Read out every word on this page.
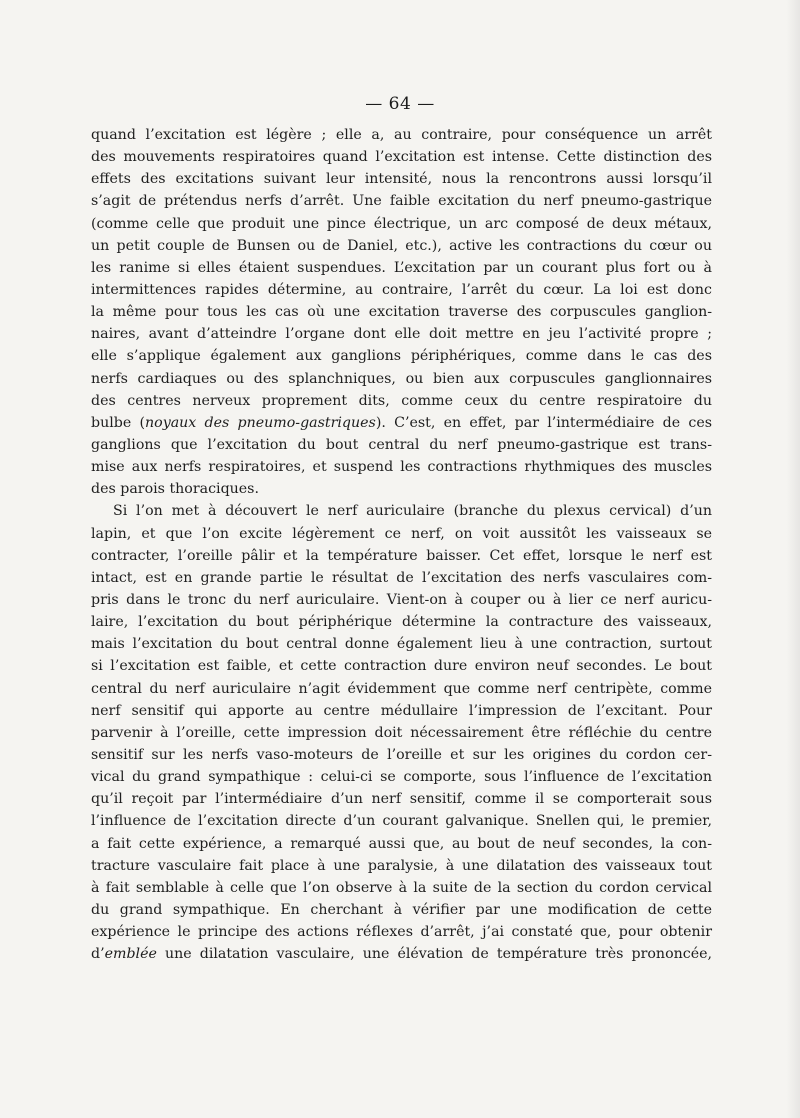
— 64 —
quand l’excitation est légère ; elle a, au contraire, pour conséquence un arrêt
des mouvements respiratoires quand l’excitation est intense. Cette distinction des
effets des excitations suivant leur intensité, nous la rencontrons aussi lorsqu’il
s’agit de prétendus nerfs d’arrêt. Une faible excitation du nerf pneumo-gastrique
(comme celle que produit une pince électrique, un arc composé de deux métaux,
un petit couple de Bunsen ou de Daniel, etc.), active les contractions du cœur ou
les ranime si elles étaient suspendues. L’excitation par un courant plus fort ou à
intermittences rapides détermine, au contraire, l’arrêt du cœur. La loi est donc
la même pour tous les cas où une excitation traverse des corpuscules ganglion-
naires, avant d’atteindre l’organe dont elle doit mettre en jeu l’activité propre ;
elle s’applique également aux ganglions périphériques, comme dans le cas des
nerfs cardiaques ou des splanchniques, ou bien aux corpuscules ganglionnaires
des centres nerveux proprement dits, comme ceux du centre respiratoire du
bulbe (noyaux des pneumo-gastriques). C’est, en effet, par l’intermédiaire de ces
ganglions que l’excitation du bout central du nerf pneumo-gastrique est trans-
mise aux nerfs respiratoires, et suspend les contractions rhythmiques des muscles
des parois thoraciques.
Si l’on met à découvert le nerf auriculaire (branche du plexus cervical) d’un
lapin, et que l’on excite légèrement ce nerf, on voit aussitôt les vaisseaux se
contracter, l’oreille pâlir et la température baisser. Cet effet, lorsque le nerf est
intact, est en grande partie le résultat de l’excitation des nerfs vasculaires com-
pris dans le tronc du nerf auriculaire. Vient-on à couper ou à lier ce nerf auricu-
laire, l’excitation du bout périphérique détermine la contracture des vaisseaux,
mais l’excitation du bout central donne également lieu à une contraction, surtout
si l’excitation est faible, et cette contraction dure environ neuf secondes. Le bout
central du nerf auriculaire n’agit évidemment que comme nerf centripète, comme
nerf sensitif qui apporte au centre médullaire l’impression de l’excitant. Pour
parvenir à l’oreille, cette impression doit nécessairement être réfléchie du centre
sensitif sur les nerfs vaso-moteurs de l’oreille et sur les origines du cordon cer-
vical du grand sympathique : celui-ci se comporte, sous l’influence de l’excitation
qu’il reçoit par l’intermédiaire d’un nerf sensitif, comme il se comporterait sous
l’influence de l’excitation directe d’un courant galvanique. Snellen qui, le premier,
a fait cette expérience, a remarqué aussi que, au bout de neuf secondes, la con-
tracture vasculaire fait place à une paralysie, à une dilatation des vaisseaux tout
à fait semblable à celle que l’on observe à la suite de la section du cordon cervical
du grand sympathique. En cherchant à vérifier par une modification de cette
expérience le principe des actions réflexes d’arrêt, j’ai constaté que, pour obtenir
d’emblée une dilatation vasculaire, une élévation de température très prononcée,
